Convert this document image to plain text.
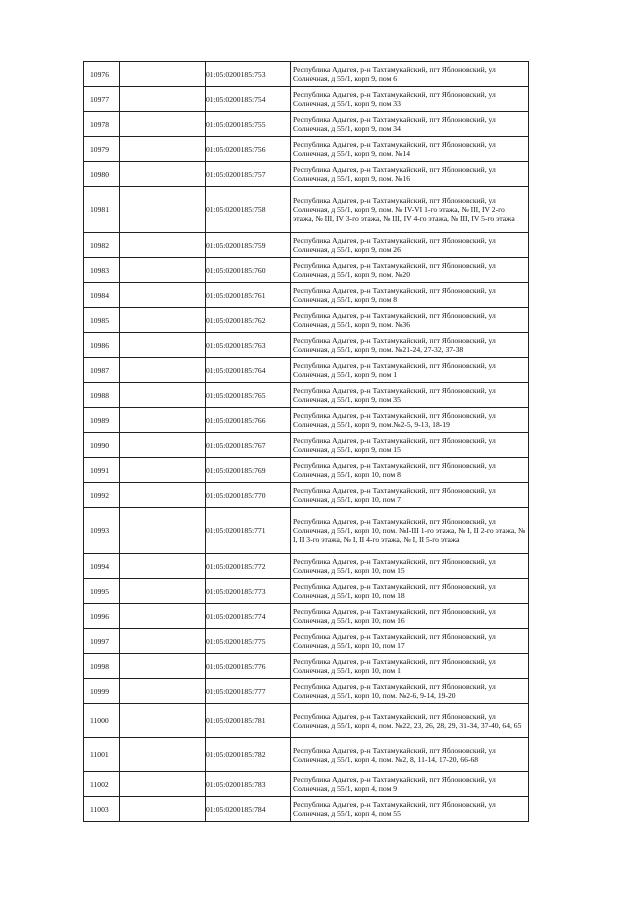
10976		01:05:0200185:753	Республика Адыгея, р-н Тахтамукайский, пгт Яблоновский, ул Солнечная, д 55/1, корп 9, пом 6
10977		01:05:0200185:754	Республика Адыгея, р-н Тахтамукайский, пгт Яблоновский, ул Солнечная, д 55/1, корп 9, пом 33
10978		01:05:0200185:755	Республика Адыгея, р-н Тахтамукайский, пгт Яблоновский, ул Солнечная, д 55/1, корп 9, пом 34
10979		01:05:0200185:756	Республика Адыгея, р-н Тахтамукайский, пгт Яблоновский, ул Солнечная, д 55/1, корп 9, пом. №14
10980		01:05:0200185:757	Республика Адыгея, р-н Тахтамукайский, пгт Яблоновский, ул Солнечная, д 55/1, корп 9, пом. №16
10981		01:05:0200185:758	Республика Адыгея, р-н Тахтамукайский, пгт Яблоновский, ул Солнечная, д 55/1, корп 9, пом. № IV-VI 1-го этажа, № III, IV 2-го этажа, № III, IV 3-го этажа, № III, IV 4-го этажа, № III, IV 5-го этажа
10982		01:05:0200185:759	Республика Адыгея, р-н Тахтамукайский, пгт Яблоновский, ул Солнечная, д 55/1, корп 9, пом 26
10983		01:05:0200185:760	Республика Адыгея, р-н Тахтамукайский, пгт Яблоновский, ул Солнечная, д 55/1, корп 9, пом. №20
10984		01:05:0200185:761	Республика Адыгея, р-н Тахтамукайский, пгт Яблоновский, ул Солнечная, д 55/1, корп 9, пом 8
10985		01:05:0200185:762	Республика Адыгея, р-н Тахтамукайский, пгт Яблоновский, ул Солнечная, д 55/1, корп 9, пом. №36
10986		01:05:0200185:763	Республика Адыгея, р-н Тахтамукайский, пгт Яблоновский, ул Солнечная, д 55/1, корп 9, пом. №21-24, 27-32, 37-38
10987		01:05:0200185:764	Республика Адыгея, р-н Тахтамукайский, пгт Яблоновский, ул Солнечная, д 55/1, корп 9, пом 1
10988		01:05:0200185:765	Республика Адыгея, р-н Тахтамукайский, пгт Яблоновский, ул Солнечная, д 55/1, корп 9, пом 35
10989		01:05:0200185:766	Республика Адыгея, р-н Тахтамукайский, пгт Яблоновский, ул Солнечная, д 55/1, корп 9, пом.№2-5, 9-13, 18-19
10990		01:05:0200185:767	Республика Адыгея, р-н Тахтамукайский, пгт Яблоновский, ул Солнечная, д 55/1, корп 9, пом 15
10991		01:05:0200185:769	Республика Адыгея, р-н Тахтамукайский, пгт Яблоновский, ул Солнечная, д 55/1, корп 10, пом 8
10992		01:05:0200185:770	Республика Адыгея, р-н Тахтамукайский, пгт Яблоновский, ул Солнечная, д 55/1, корп 10, пом 7
10993		01:05:0200185:771	Республика Адыгея, р-н Тахтамукайский, пгт Яблоновский, ул Солнечная, д 55/1, корп 10, пом. №I-III 1-го этажа, № I, II 2-го этажа, № I, II 3-го этажа, № I, II 4-го этажа, № I, II 5-го этажа
10994		01:05:0200185:772	Республика Адыгея, р-н Тахтамукайский, пгт Яблоновский, ул Солнечная, д 55/1, корп 10, пом 15
10995		01:05:0200185:773	Республика Адыгея, р-н Тахтамукайский, пгт Яблоновский, ул Солнечная, д 55/1, корп 10, пом 18
10996		01:05:0200185:774	Республика Адыгея, р-н Тахтамукайский, пгт Яблоновский, ул Солнечная, д 55/1, корп 10, пом 16
10997		01:05:0200185:775	Республика Адыгея, р-н Тахтамукайский, пгт Яблоновский, ул Солнечная, д 55/1, корп 10, пом 17
10998		01:05:0200185:776	Республика Адыгея, р-н Тахтамукайский, пгт Яблоновский, ул Солнечная, д 55/1, корп 10, пом 1
10999		01:05:0200185:777	Республика Адыгея, р-н Тахтамукайский, пгт Яблоновский, ул Солнечная, д 55/1, корп 10, пом. №2-6, 9-14, 19-20
11000		01:05:0200185:781	Республика Адыгея, р-н Тахтамукайский, пгт Яблоновский, ул Солнечная, д 55/1, корп 4, пом. №22, 23, 26, 28, 29, 31-34, 37-40, 64, 65
11001		01:05:0200185:782	Республика Адыгея, р-н Тахтамукайский, пгт Яблоновский, ул Солнечная, д 55/1, корп 4, пом. №2, 8, 11-14, 17-20, 66-68
11002		01:05:0200185:783	Республика Адыгея, р-н Тахтамукайский, пгт Яблоновский, ул Солнечная, д 55/1, корп 4, пом 9
11003		01:05:0200185:784	Республика Адыгея, р-н Тахтамукайский, пгт Яблоновский, ул Солнечная, д 55/1, корп 4, пом 55
